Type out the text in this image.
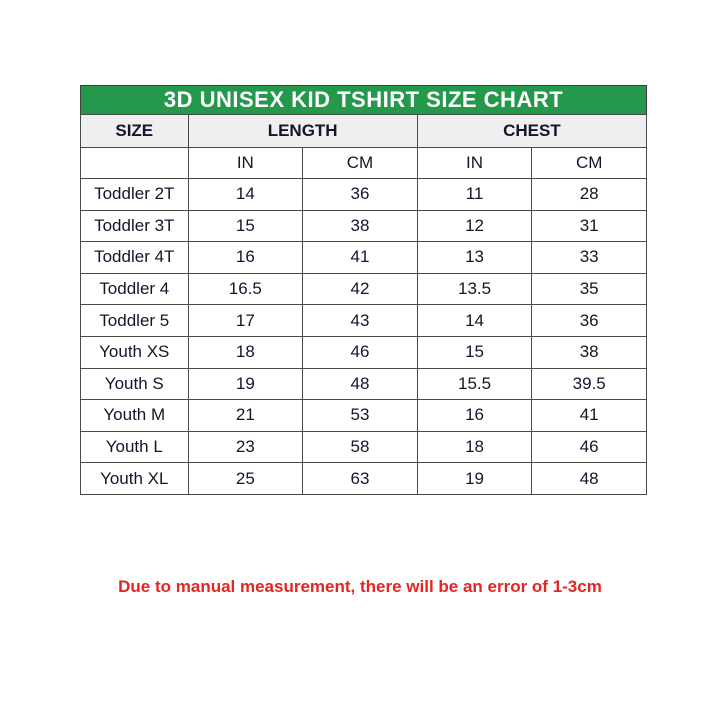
3D UNISEX KID TSHIRT SIZE CHART
SIZE	LENGTH		CHEST	
	IN	CM	IN	CM
Toddler 2T	14	36	11	28
Toddler 3T	15	38	12	31
Toddler 4T	16	41	13	33
Toddler 4	16.5	42	13.5	35
Toddler 5	17	43	14	36
Youth XS	18	46	15	38
Youth S	19	48	15.5	39.5
Youth M	21	53	16	41
Youth L	23	58	18	46
Youth XL	25	63	19	48
Due to manual measurement, there will be an error of 1-3cm
